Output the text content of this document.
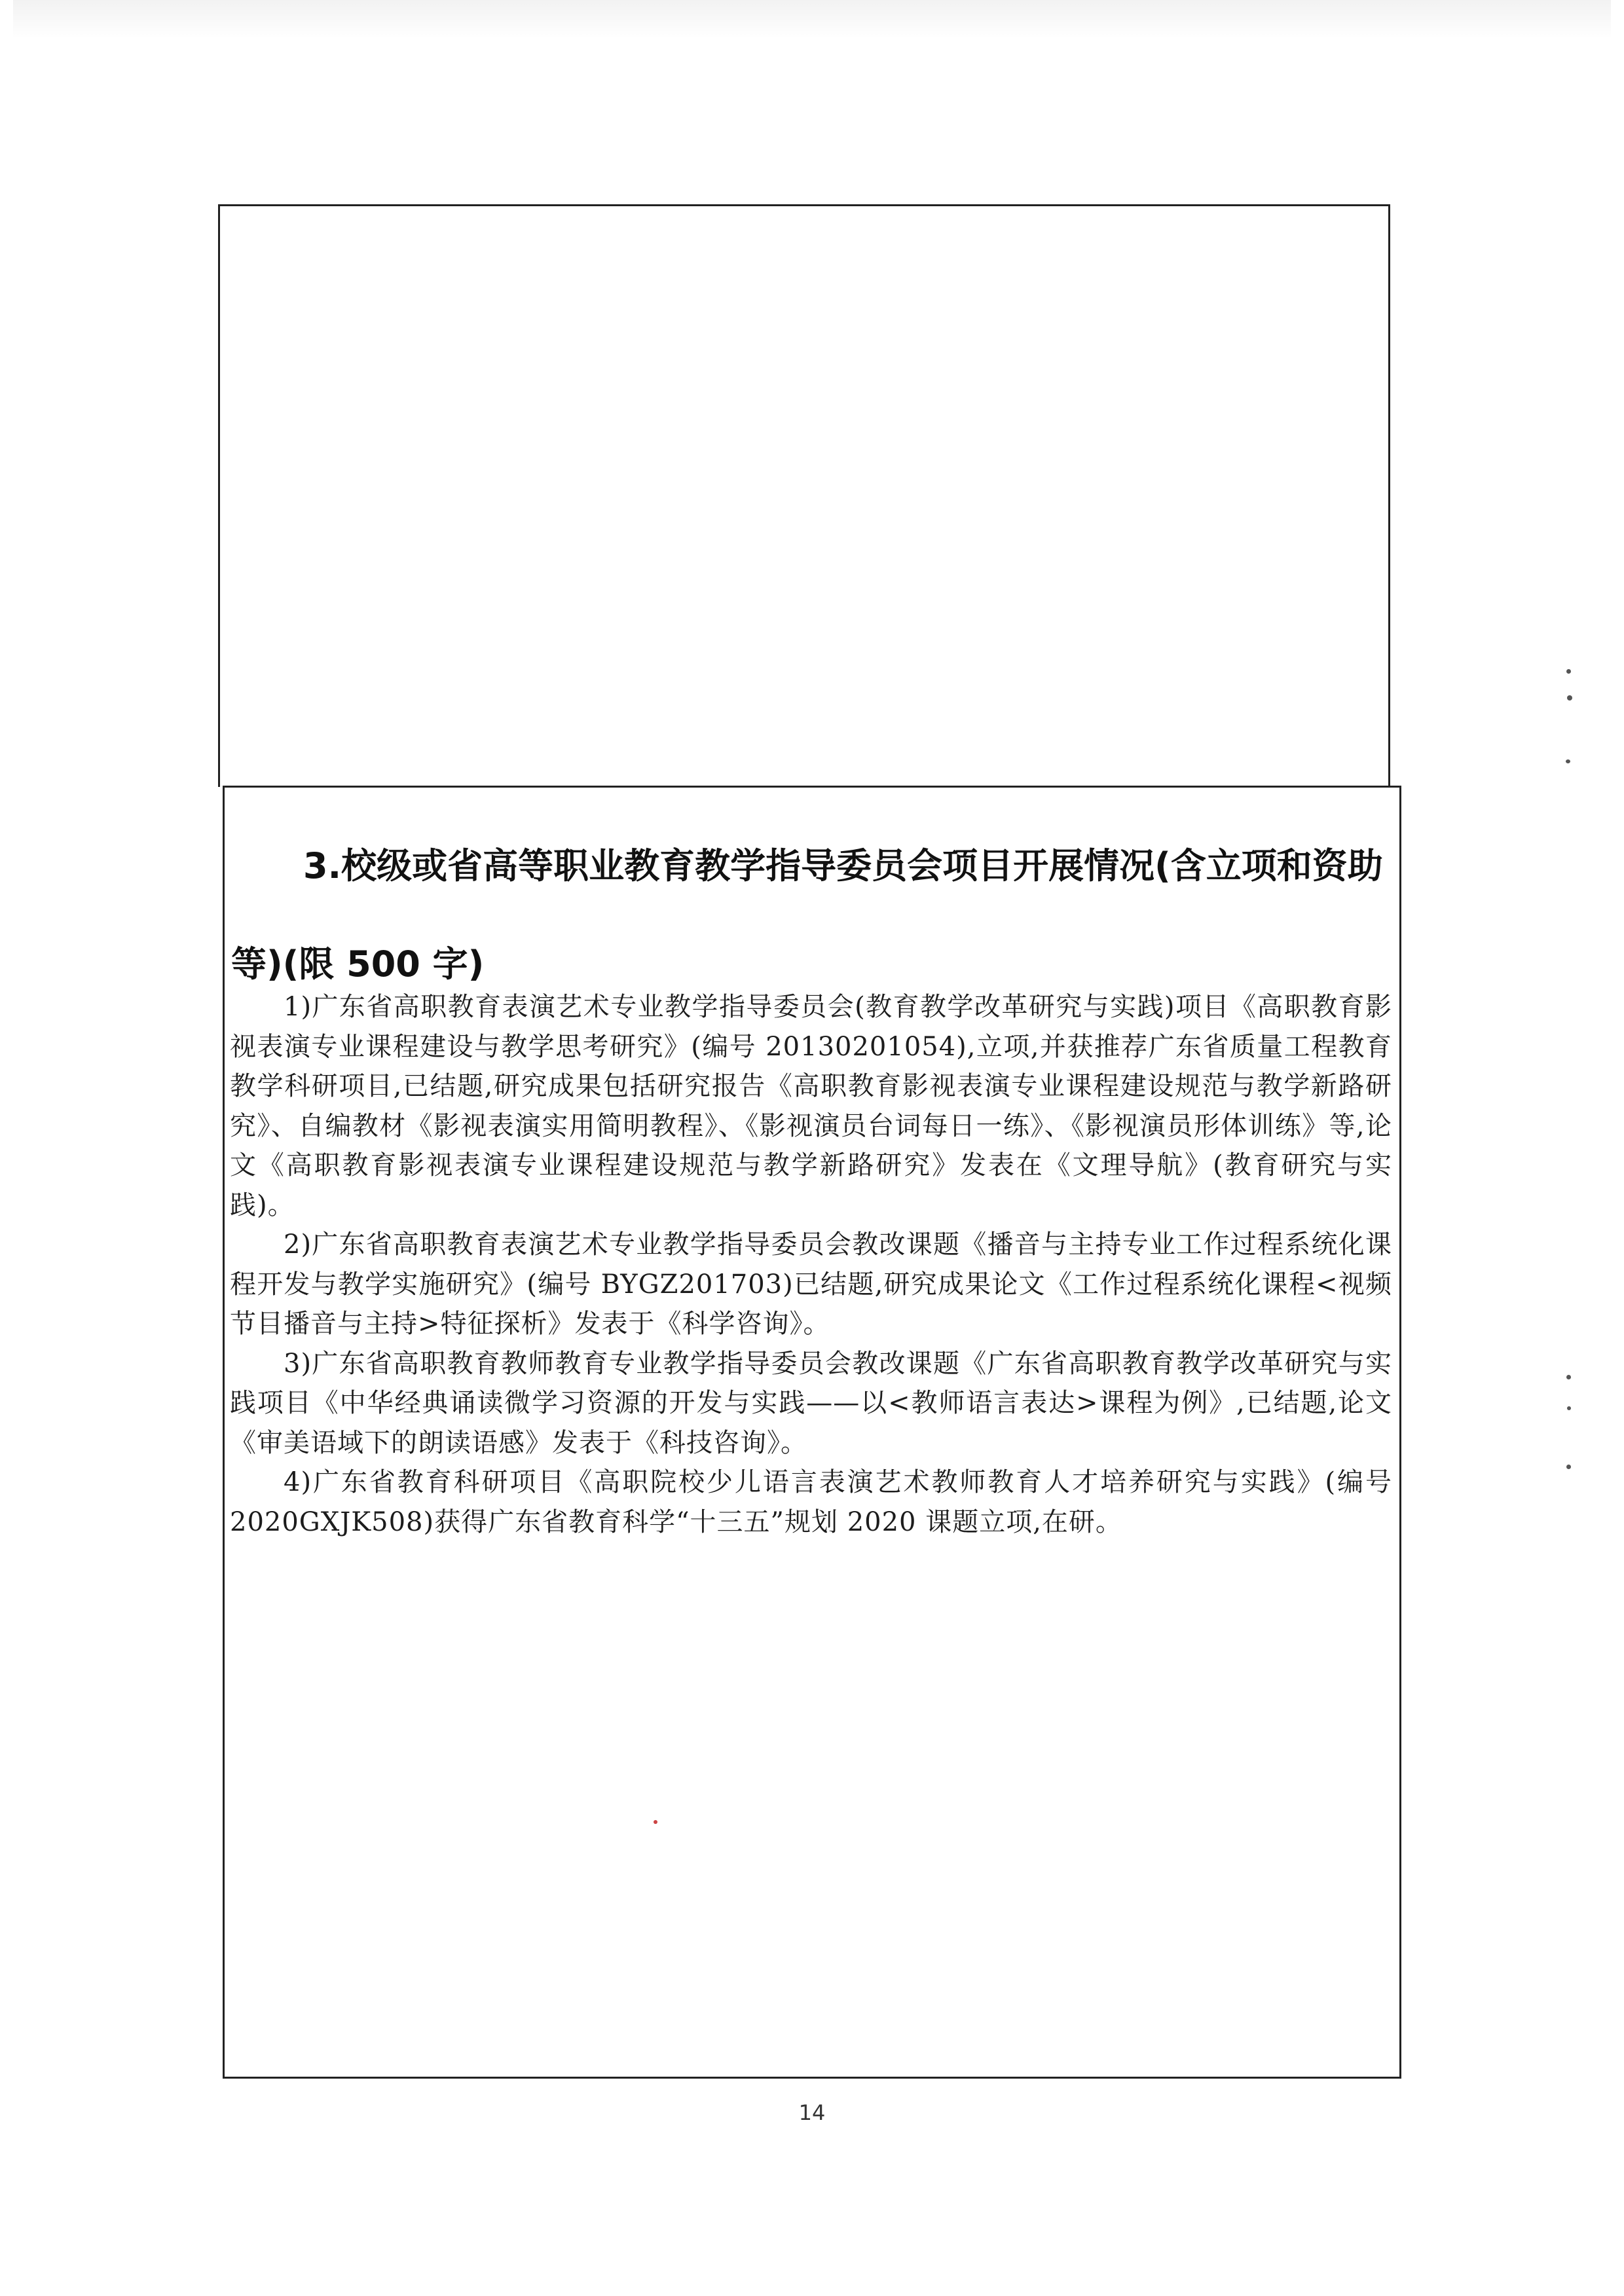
3.校级或省高等职业教育教学指导委员会项目开展情况(含立项和资助等)(限 500 字)

1)广东省高职教育表演艺术专业教学指导委员会(教育教学改革研究与实践)项目《高职教育影视表演专业课程建设与教学思考研究》(编号 20130201054),立项,并获推荐广东省质量工程教育教学科研项目,已结题,研究成果包括研究报告《高职教育影视表演专业课程建设规范与教学新路研究》、自编教材《影视表演实用简明教程》、《影视演员台词每日一练》、《影视演员形体训练》等,论文《高职教育影视表演专业课程建设规范与教学新路研究》发表在《文理导航》(教育研究与实践)。

2)广东省高职教育表演艺术专业教学指导委员会教改课题《播音与主持专业工作过程系统化课程开发与教学实施研究》(编号 BYGZ201703)已结题,研究成果论文《工作过程系统化课程<视频节目播音与主持>特征探析》发表于《科学咨询》。

3)广东省高职教育教师教育专业教学指导委员会教改课题《广东省高职教育教学改革研究与实践项目《中华经典诵读微学习资源的开发与实践——以<教师语言表达>课程为例》,已结题,论文《审美语域下的朗读语感》发表于《科技咨询》。

4)广东省教育科研项目《高职院校少儿语言表演艺术教师教育人才培养研究与实践》(编号 2020GXJK508)获得广东省教育科学“十三五”规划 2020 课题立项,在研。

14
